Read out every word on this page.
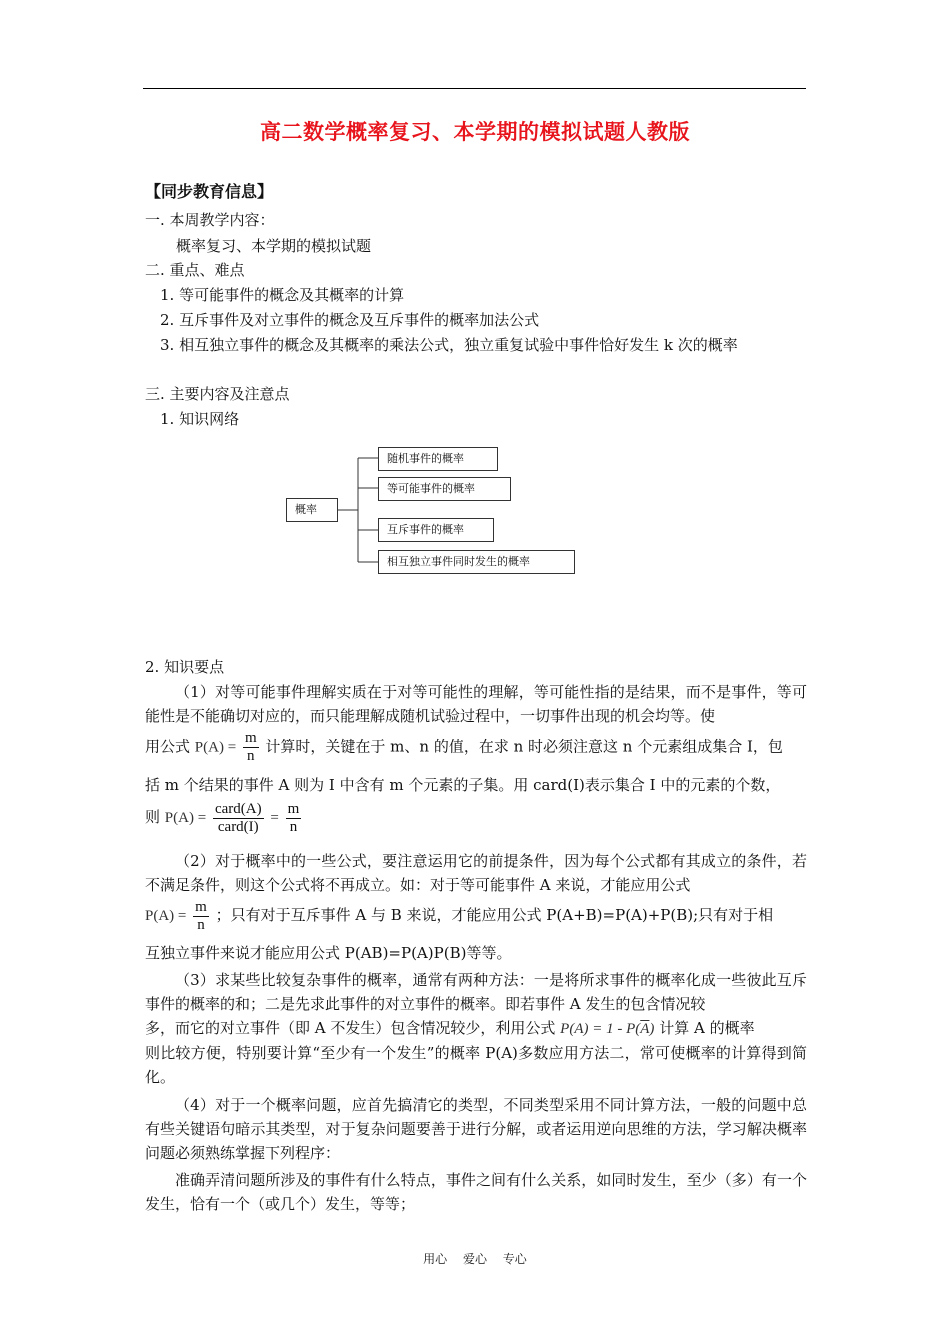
高二数学概率复习、本学期的模拟试题人教版
【同步教育信息】
一. 本周教学内容：
概率复习、本学期的模拟试题
二. 重点、难点
1. 等可能事件的概念及其概率的计算
2. 互斥事件及对立事件的概念及互斥事件的概率加法公式
3. 相互独立事件的概念及其概率的乘法公式，独立重复试验中事件恰好发生 k 次的概率
三. 主要内容及注意点
1. 知识网络
概率
随机事件的概率
等可能事件的概率
互斥事件的概率
相互独立事件同时发生的概率
2. 知识要点
（1）对等可能事件理解实质在于对等可能性的理解，等可能性指的是结果，而不是事件，等可能性是不能确切对应的，而只能理解成随机试验过程中，一切事件出现的机会均等。使
用公式 $P(A) = \frac{m}{n}$ 计算时，关键在于 m、n 的值，在求 n 时必须注意这 n 个元素组成集合 I，包
括 m 个结果的事件 A 则为 I 中含有 m 个元素的子集。用 card(I)表示集合 I 中的元素的个数，
则 $P(A) = \frac{\text{card(A)}}{\text{card(I)}} = \frac{m}{n}$
（2）对于概率中的一些公式，要注意运用它的前提条件，因为每个公式都有其成立的条件，若不满足条件，则这个公式将不再成立。如：对于等可能事件 A 来说，才能应用公式
$P(A) = \frac{m}{n}$ ；只有对于互斥事件 A 与 B 来说，才能应用公式 P(A+B)=P(A)+P(B);只有对于相
互独立事件来说才能应用公式 P(AB)=P(A)P(B)等等。
（3）求某些比较复杂事件的概率，通常有两种方法：一是将所求事件的概率化成一些彼此互斥事件的概率的和；二是先求此事件的对立事件的概率。即若事件 A 发生的包含情况较
多，而它的对立事件（即 A 不发生）包含情况较少，利用公式 $P(A) = 1 - P(\overline{A})$ 计算 A 的概率
则比较方便，特别要计算“至少有一个发生”的概率 P(A)多数应用方法二，常可使概率的计算得到简化。
（4）对于一个概率问题，应首先搞清它的类型，不同类型采用不同计算方法，一般的问题中总有些关键语句暗示其类型，对于复杂问题要善于进行分解，或者运用逆向思维的方法，学习解决概率问题必须熟练掌握下列程序：
准确弄清问题所涉及的事件有什么特点，事件之间有什么关系，如同时发生，至少（多）有一个发生，恰有一个（或几个）发生，等等；
用心 爱心 专心
